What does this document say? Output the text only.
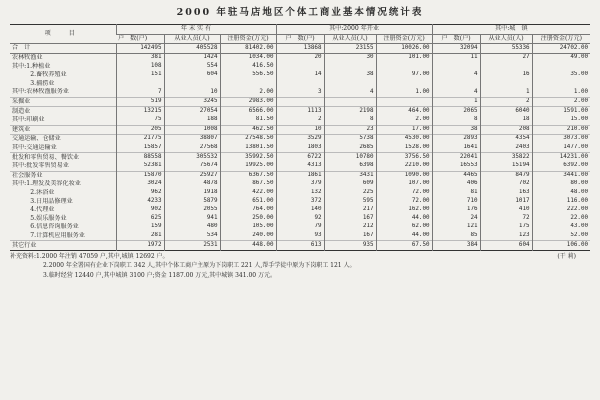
2000 年驻马店地区个体工商业基本情况统计表
项　目	年 末 实 有			其中:2000 年开业			其中:城　镇		
	户　数(户)	从业人员(人)	注册资金(万元)	户　数(户)	从业人员(人)	注册资金(万元)	户　数(户)	从业人员(人)	注册资金(万元)
合　计	142495	405528	81402.00	13868	23155	10026.00	32094	55336	24702.00
农林牧渔业	381	1424	1034.00	20	30	101.00	11	27	49.00
其中:1.种植业	108	554	416.50						
　　　2.畜牧养殖业	151	604	556.50	14	38	97.00	4	16	35.00
　　　3.捕捞业									
其中:农林牧渔服务业	7	10	2.00	3	4	1.00	4	1	1.00
采掘业	519	3245	2983.00				1	2	2.00
制造业	13215	27054	6566.00	1113	2198	464.00	2065	6040	1591.00
其中:印刷业	75	188	81.50	2	8	2.00	8	18	15.00
建筑业	205	1008	462.50	10	23	17.00	38	208	210.00
交通运输、仓储业	21775	38807	27548.50	3529	5738	4530.00	2893	4354	3073.00
其中:交通运输业	15857	27568	13801.50	1803	2685	1528.00	1641	2403	1477.00
批发和零售贸易、餐饮业	88558	305532	35992.50	6722	10780	3756.50	22041	35822	14231.00
其中:批发零售贸易业	52381	75674	19925.00	4313	6398	2210.00	16553	15194	6392.00
社会服务业	15870	25927	6367.50	1861	3431	1090.00	4465	8479	3441.00
其中:1.理发及美容化妆业	3024	4878	867.50	379	609	107.00	406	702	80.00
　　　2.沐浴业	962	1918	422.00	132	225	72.00	81	163	48.00
　　　3.日用品修理业	4233	5879	651.00	372	595	72.00	710	1017	116.00
　　　4.代理业	902	2055	764.00	140	217	162.00	176	410	222.00
　　　5.娱乐服务业	625	941	250.00	92	167	44.00	24	72	22.00
　　　6.信息咨询服务业	159	480	105.00	79	212	62.00	121	175	43.00
　　　7.计算机应用服务业	281	534	240.00	93	167	44.00	85	123	52.00
其它行业	1972	2531	448.00	613	935	67.50	384	604	106.00
(干 莉)

补充资料:1.2000 年注销 47059 户,其中,城镇 12692 户。

2.2000 年全署国有企业下岗职工 342 人,其中个体工商户主原为下岗职工 221 人,帮手学徒中原为下岗职工 121 人。

3.临时经营 12440 户,其中城镇 3100 户;资金 1187.00 万元,其中城镇 341.00 万元。
